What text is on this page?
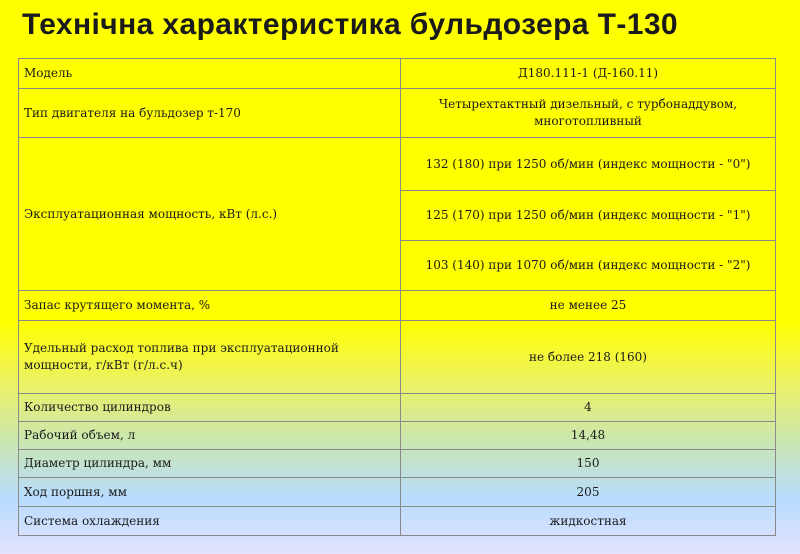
Технічна характеристика бульдозера Т-130
Модель	Д180.111-1 (Д-160.11)
Тип двигателя на бульдозер т-170	Четырехтактный дизельный, с турбонаддувом, многотопливный
Эксплуатационная мощность, кВт (л.с.)	132 (180) при 1250 об/мин (индекс мощности - "0")
	125 (170) при 1250 об/мин (индекс мощности - "1")
	103 (140) при 1070 об/мин (индекс мощности - "2")
Запас крутящего момента, %	не менее 25
Удельный расход топлива при эксплуатационной мощности, г/кВт (г/л.с.ч)	не более 218 (160)
Количество цилиндров	4
Рабочий объем, л	14,48
Диаметр цилиндра, мм	150
Ход поршня, мм	205
Система охлаждения	жидкостная
